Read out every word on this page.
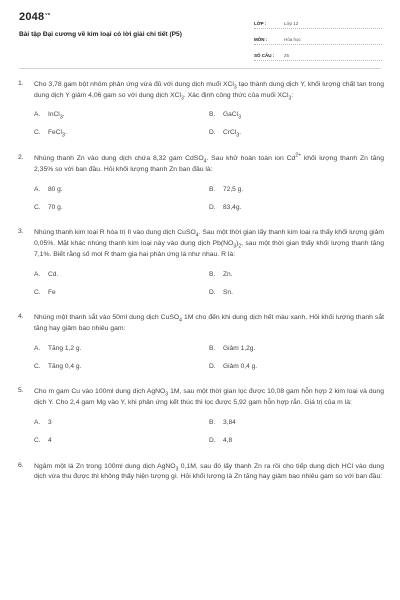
$2048^{vn}$
Bài tập Đại cương về kim loại có lời giải chi tiết (P5)
LỚP :	Lớp 12
MÔN :	Hóa học
SỐ CÂU : 25
1. Cho 3,78 gam bột nhôm phản ứng vừa đủ với dung dịch muối XCl$_3$ tạo thành dung dịch Y, khối lượng chất tan trong dung dịch Y giảm 4,06 gam so với dung dịch XCl$_3$. Xác định công thức của muối XCl$_3$:
A. InCl$_3$.	B. GaCl$_3$
C. FeCl$_3$.	D. CrCl$_3$.
2. Nhúng thanh Zn vào dung dịch chứa 8,32 gam CdSO$_4$. Sau khử hoàn toàn ion $Cd^{2+}$ khối lượng thanh Zn tăng 2,35% so với ban đầu. Hỏi khối lượng thanh Zn ban đầu là:
A. 80 g.	B. 72,5 g.
C. 70 g.	D. 83,4g.
3. Nhúng thanh kim loại R hóa trị II vào dung dịch CuSO$_4$. Sau một thời gian lấy thanh kim loại ra thấy khối lượng giảm 0,05%. Mặt khác nhúng thanh kim loại này vào dung dịch $Pb(NO_3)_2$, sau một thời gian thấy khối lượng thanh tăng 7,1%. Biết rằng số mol R tham gia hai phản ứng là như nhau. R là:
A. Cd.	B. Zn.
C. Fe	D. Sn.
4. Nhúng một thanh sắt vào 50ml dung dịch CuSO$_4$ 1M cho đến khi dung dịch hết màu xanh. Hỏi khối lượng thanh sắt tăng hay giảm bao nhiêu gam:
A. Tăng 1,2 g.	B. Giảm 1,2g.
C. Tăng 0,4 g.	D. Giảm 0,4 g.
5. Cho m gam Cu vào 100ml dung dịch AgNO$_3$ 1M, sau một thời gian lọc được 10,08 gam hỗn hợp 2 kim loại và dung dịch Y. Cho 2,4 gam Mg vào Y, khi phản ứng kết thúc thì lọc được 5,92 gam hỗn hợp rắn. Giá trị của m là:
A. 3	B. 3,84
C. 4	D. 4,8
6. Ngâm một lá Zn trong 100ml dung dịch AgNO$_3$ 0,1M, sau đó lấy thanh Zn ra rồi cho tiếp dung dịch HCl vào dung dịch vừa thu được thì không thấy hiện tượng gì. Hỏi khối lượng lá Zn tăng hay giảm bao nhiêu gam so với ban đầu:
